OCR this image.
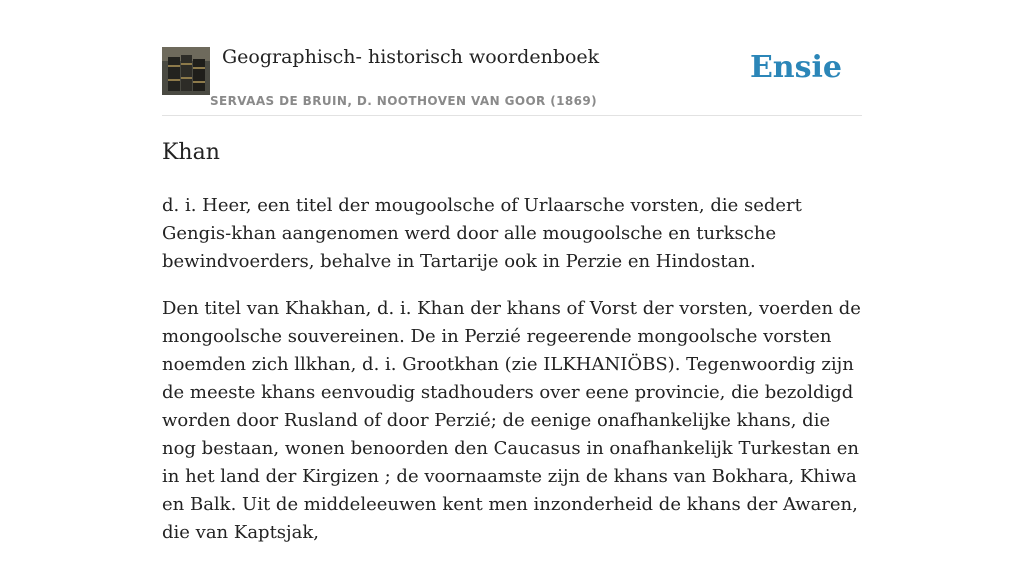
Geographisch- historisch woordenboek
SERVAAS DE BRUIN, D. NOOTHOVEN VAN GOOR (1869)
Ensie
Khan

d. i. Heer, een titel der mougoolsche of Urlaarsche vorsten, die sedert Gengis-khan aangenomen werd door alle mougoolsche en turksche bewindvoerders, behalve in Tartarije ook in Perzie en Hindostan.

Den titel van Khakhan, d. i. Khan der khans of Vorst der vorsten, voerden de mongoolsche souvereinen. De in Perzié regeerende mongoolsche vorsten noemden zich llkhan, d. i. Grootkhan (zie ILKHANIÖBS). Tegenwoordig zijn de meeste khans eenvoudig stadhouders over eene provincie, die bezoldigd worden door Rusland of door Perzié; de eenige onafhankelijke khans, die nog bestaan, wonen benoorden den Caucasus in onafhankelijk Turkestan en in het land der Kirgizen ; de voornaamste zijn de khans van Bokhara, Khiwa en Balk. Uit de middeleeuwen kent men inzonderheid de khans der Awaren, die van Kaptsjak,
